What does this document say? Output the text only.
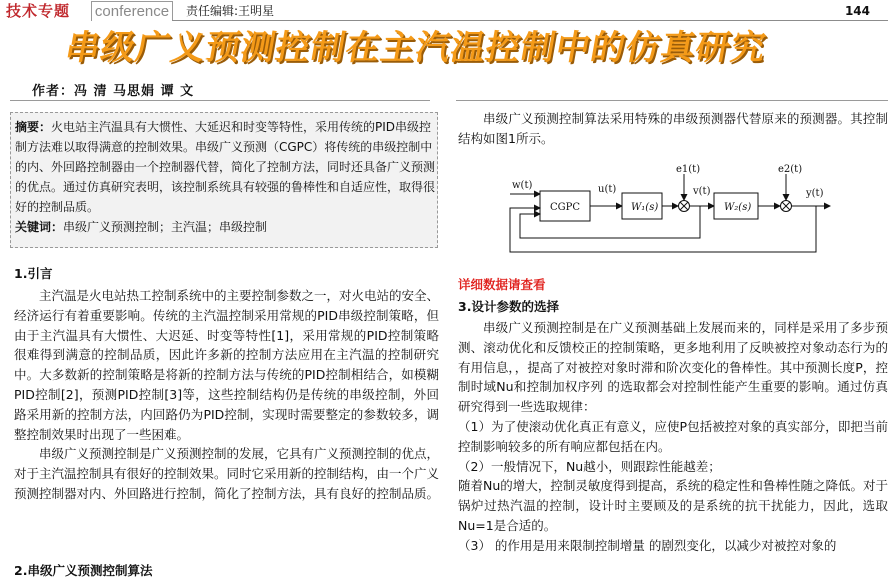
技术专题 conference	责任编辑:王明星	144
串级广义预测控制在主汽温控制中的仿真研究
作者：冯 清 马思娟 谭 文

摘要：火电站主汽温具有大惯性、大延迟和时变等特性，采用传统的PID串级控制方法难以取得满意的控制效果。串级广义预测（CGPC）将传统的串级控制中的内、外回路控制器由一个控制器代替，简化了控制方法，同时还具备广义预测的优点。通过仿真研究表明，该控制系统具有较强的鲁棒性和自适应性，取得很好的控制品质。

关键词：串级广义预测控制；主汽温；串级控制

1.引言

主汽温是火电站热工控制系统中的主要控制参数之一，对火电站的安全、经济运行有着重要影响。传统的主汽温控制采用常规的PID串级控制策略，但由于主汽温具有大惯性、大迟延、时变等特性[1]，采用常规的PID控制策略很难得到满意的控制品质，因此许多新的控制方法应用在主汽温的控制研究中。大多数新的控制策略是将新的控制方法与传统的PID控制相结合，如模糊PID控制[2]，预测PID控制[3]等，这些控制结构仍是传统的串级控制，外回路采用新的控制方法，内回路仍为PID控制，实现时需要整定的参数较多，调整控制效果时出现了一些困难。

串级广义预测控制是广义预测控制的发展，它具有广义预测控制的优点，对于主汽温控制具有很好的控制效果。同时它采用新的控制结构，由一个广义预测控制器对内、外回路进行控制，简化了控制方法，具有良好的控制品质。

2.串级广义预测控制算法
串级广义预测控制算法采用特殊的串级预测器代替原来的预测器。其控制结构如图1所示。
w(t)
CGPC
u(t)
W₁(s)
e1(t)
v(t)
W₂(s)
e2(t)
y(t)
详细数据请查看
3.设计参数的选择

串级广义预测控制是在广义预测基础上发展而来的，同样是采用了多步预测、滚动优化和反馈校正的控制策略，更多地利用了反映被控对象动态行为的有用信息，，提高了对被控对象时滞和阶次变化的鲁棒性。其中预测长度P，控制时域Nu和控制加权序列 的选取都会对控制性能产生重要的影响。通过仿真研究得到一些选取规律：

（1）为了使滚动优化真正有意义，应使P包括被控对象的真实部分，即把当前控制影响较多的所有响应都包括在内。

（2）一般情况下，Nu越小，则跟踪性能越差；

随着Nu的增大，控制灵敏度得到提高，系统的稳定性和鲁棒性随之降低。对于锅炉过热汽温的控制，设计时主要顾及的是系统的抗干扰能力，因此，选取Nu=1是合适的。

（3） 的作用是用来限制控制增量 的剧烈变化，以减少对被控对象的
